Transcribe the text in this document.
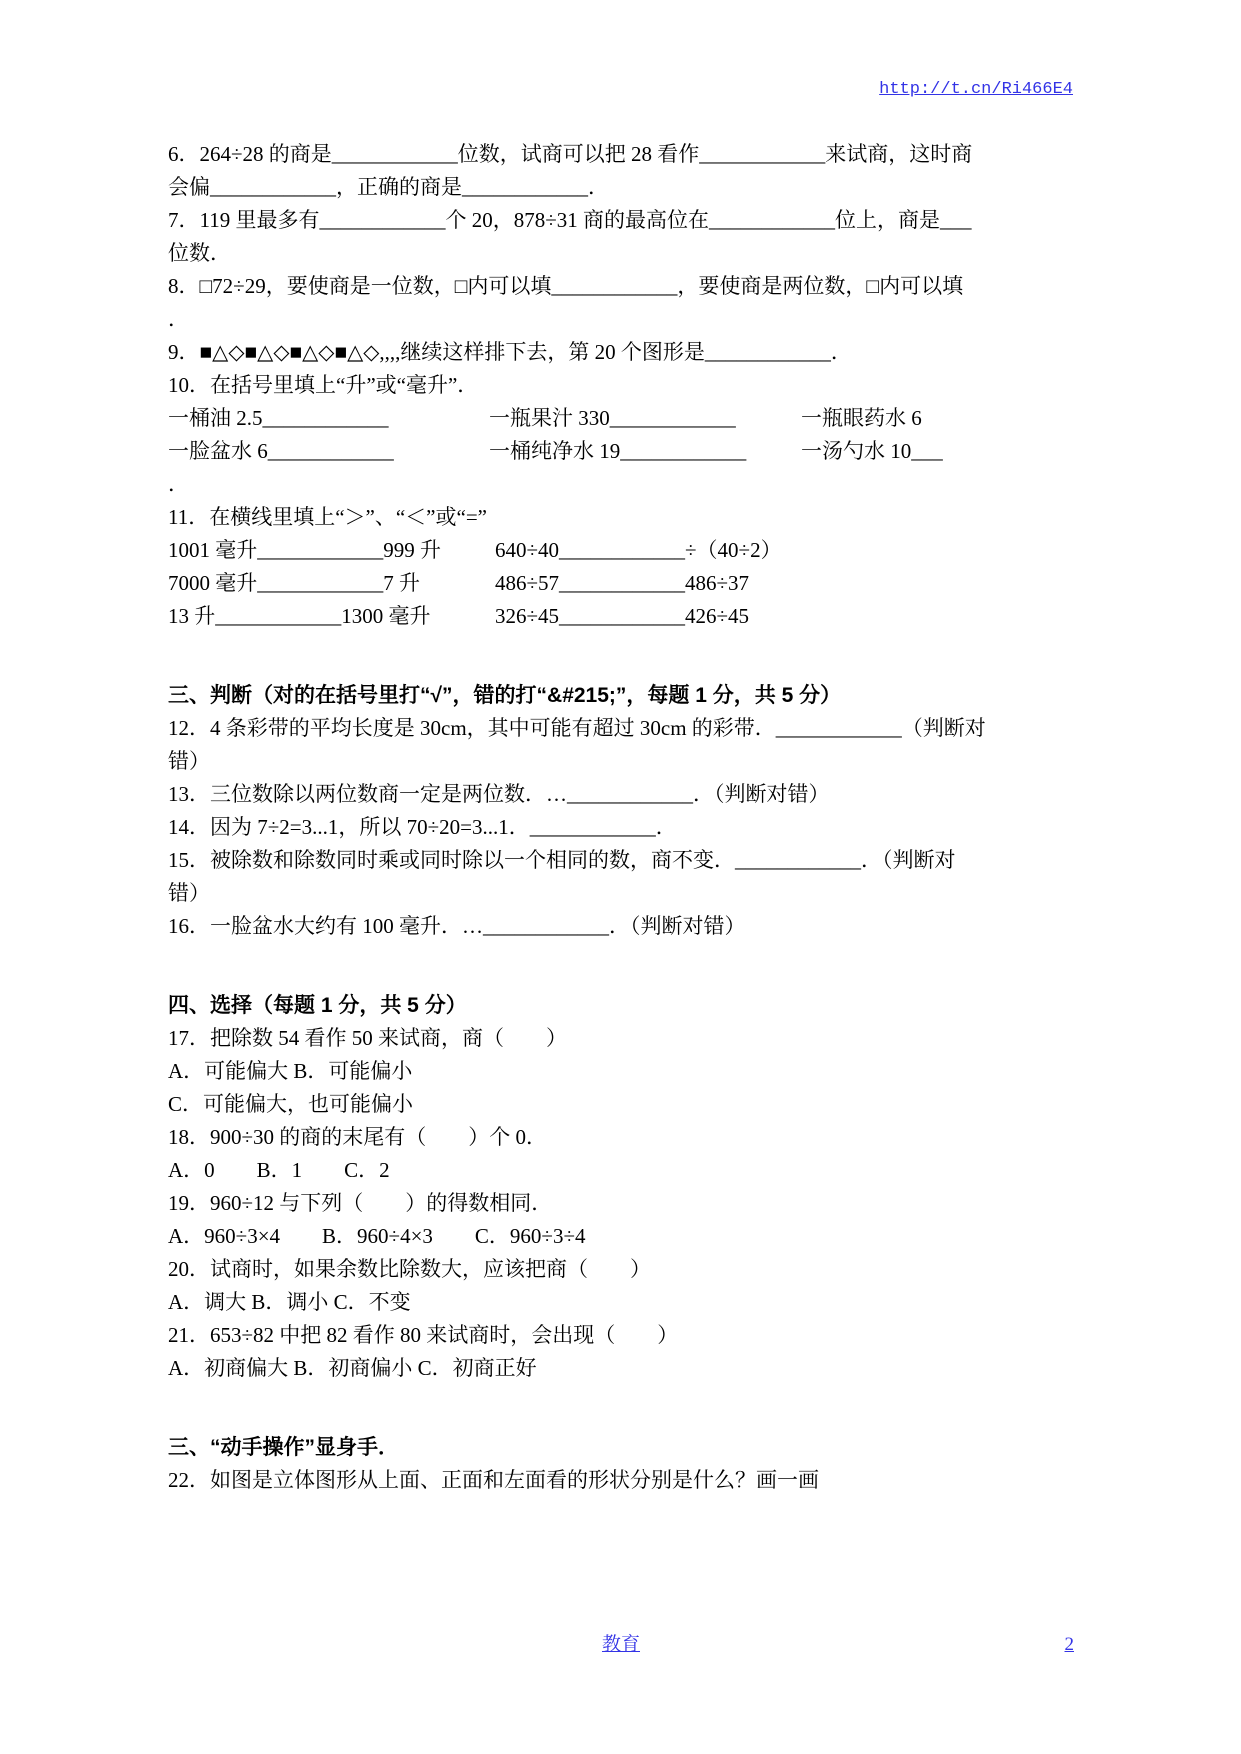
http://t.cn/Ri466E4
6．264÷28 的商是____________位数，试商可以把 28 看作____________来试商，这时商
会偏____________，正确的商是____________．
7．119 里最多有____________个 20，878÷31 商的最高位在____________位上，商是___
位数．
8．□72÷29，要使商是一位数，□内可以填____________，要使商是两位数，□内可以填
．
9．■△◇■△◇■△◇■△◇,,,,继续这样排下去，第 20 个图形是____________．
10．在括号里填上“升”或“毫升”．
一桶油 2.5____________	一瓶果汁 330____________	一瓶眼药水 6
一脸盆水 6____________	一桶纯净水 19____________	一汤勺水 10___
．
11．在横线里填上“＞”、“＜”或“=”
1001 毫升____________999 升	640÷40____________÷（40÷2）
7000 毫升____________7 升	486÷57____________486÷37
13 升____________1300 毫升	326÷45____________426÷45
三、判断（对的在括号里打“√”，错的打“&#215;”，每题 1 分，共 5 分）
12．4 条彩带的平均长度是 30cm，其中可能有超过 30cm 的彩带．____________（判断对
错）
13．三位数除以两位数商一定是两位数．…____________．（判断对错）
14．因为 7÷2=3...1，所以 70÷20=3...1．____________．
15．被除数和除数同时乘或同时除以一个相同的数，商不变．____________．（判断对
错）
16．一脸盆水大约有 100 毫升．…____________．（判断对错）
四、选择（每题 1 分，共 5 分）
17．把除数 54 看作 50 来试商，商（　　）
A．可能偏大 B．可能偏小
C．可能偏大，也可能偏小
18．900÷30 的商的末尾有（　　）个 0．
A．0　　B．1　　C．2
19．960÷12 与下列（　　）的得数相同．
A．960÷3×4　　B．960÷4×3　　C．960÷3÷4
20．试商时，如果余数比除数大，应该把商（　　）
A．调大 B．调小 C．不变
21．653÷82 中把 82 看作 80 来试商时，会出现（　　）
A．初商偏大 B．初商偏小 C．初商正好
三、“动手操作”显身手．
22．如图是立体图形从上面、正面和左面看的形状分别是什么？画一画
教育	2
